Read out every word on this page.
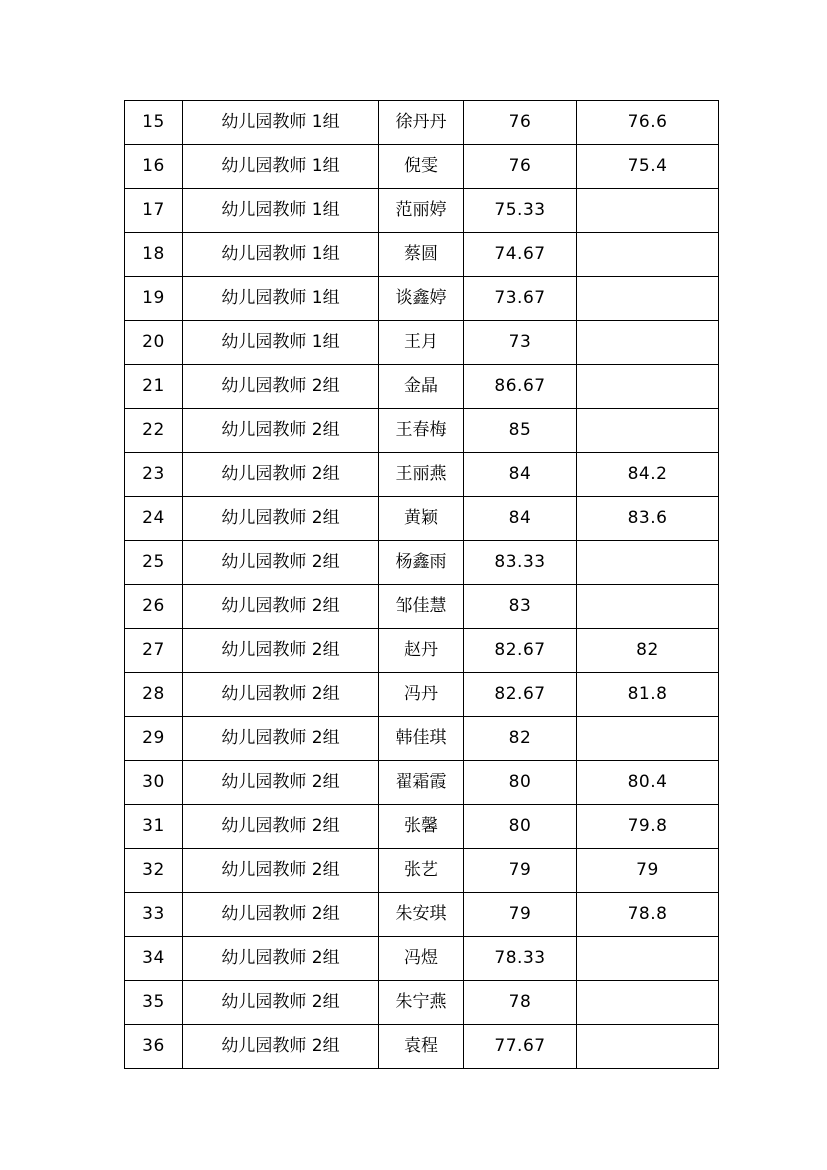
15	幼儿园教师 1组	徐丹丹	76	76.6
16	幼儿园教师 1组	倪雯	76	75.4
17	幼儿园教师 1组	范丽婷	75.33	
18	幼儿园教师 1组	蔡圆	74.67	
19	幼儿园教师 1组	谈鑫婷	73.67	
20	幼儿园教师 1组	王月	73	
21	幼儿园教师 2组	金晶	86.67	
22	幼儿园教师 2组	王春梅	85	
23	幼儿园教师 2组	王丽燕	84	84.2
24	幼儿园教师 2组	黄颖	84	83.6
25	幼儿园教师 2组	杨鑫雨	83.33	
26	幼儿园教师 2组	邹佳慧	83	
27	幼儿园教师 2组	赵丹	82.67	82
28	幼儿园教师 2组	冯丹	82.67	81.8
29	幼儿园教师 2组	韩佳琪	82	
30	幼儿园教师 2组	翟霜霞	80	80.4
31	幼儿园教师 2组	张馨	80	79.8
32	幼儿园教师 2组	张艺	79	79
33	幼儿园教师 2组	朱安琪	79	78.8
34	幼儿园教师 2组	冯煜	78.33	
35	幼儿园教师 2组	朱宁燕	78	
36	幼儿园教师 2组	袁程	77.67	
